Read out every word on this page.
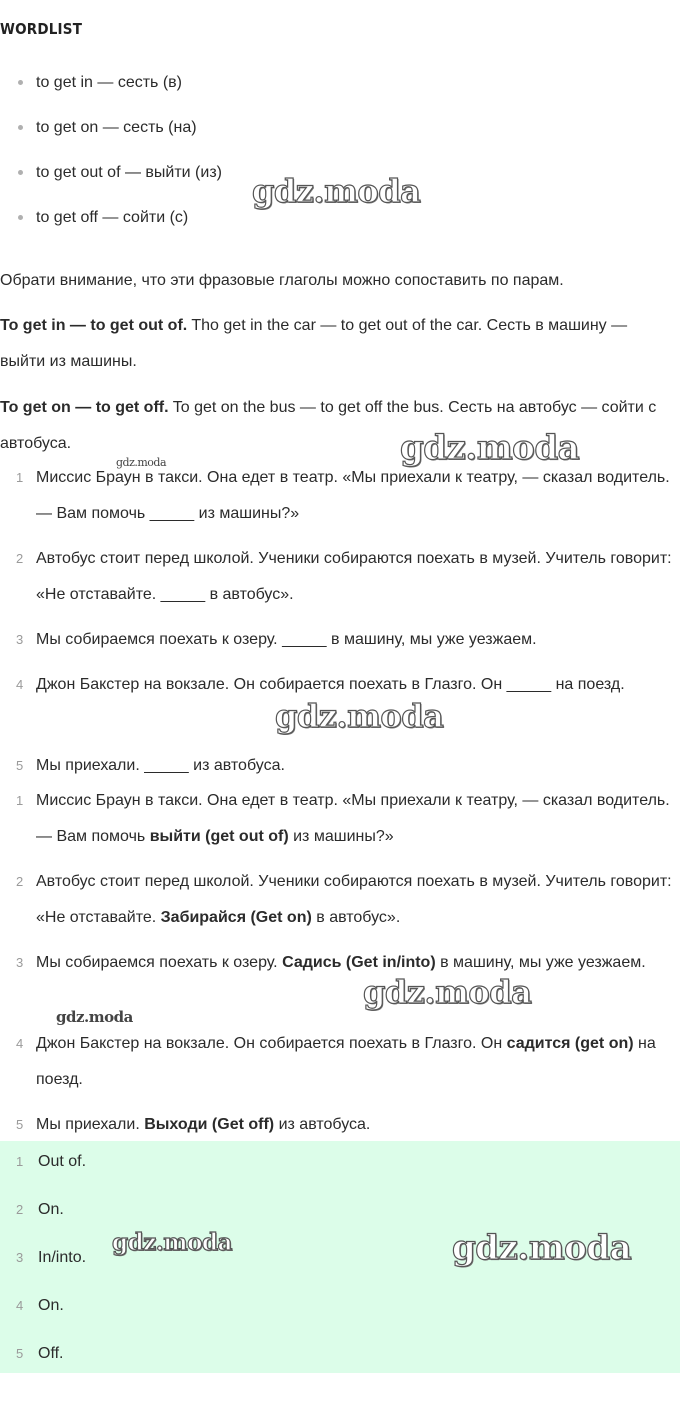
WORDLIST
to get in — сесть (в)
to get on — сесть (на)
to get out of — выйти (из)
to get off — сойти (с)

Обрати внимание, что эти фразовые глаголы можно сопоставить по парам.

To get in — to get out of. Tho get in the car — to get out of the car. Сесть в машину — выйти из машины.

To get on — to get off. To get on the bus — to get off the bus. Сесть на автобус — сойти с автобуса.

1 Миссис Браун в такси. Она едет в театр. «Мы приехали к театру, — сказал водитель. — Вам помочь _____ из машины?»
2 Автобус стоит перед школой. Ученики собираются поехать в музей. Учитель говорит: «Не отставайте. _____ в автобус».
3 Мы собираемся поехать к озеру. _____ в машину, мы уже уезжаем.
4 Джон Бакстер на вокзале. Он собирается поехать в Глазго. Он _____ на поезд.
5 Мы приехали. _____ из автобуса.
1 Миссис Браун в такси. Она едет в театр. «Мы приехали к театру, — сказал водитель. — Вам помочь выйти (get out of) из машины?»
2 Автобус стоит перед школой. Ученики собираются поехать в музей. Учитель говорит: «Не отставайте. Забирайся (Get on) в автобус».
3 Мы собираемся поехать к озеру. Садись (Get in/into) в машину, мы уже уезжаем.
4 Джон Бакстер на вокзале. Он собирается поехать в Глазго. Он садится (get on) на поезд.
5 Мы приехали. Выходи (Get off) из автобуса.
1 Out of.
2 On.
3 In/into.
4 On.
5 Off.
gdz.moda
gdz.moda
gdz.moda
gdz.moda
gdz.moda
gdz.moda
gdz.moda	gdz.moda
